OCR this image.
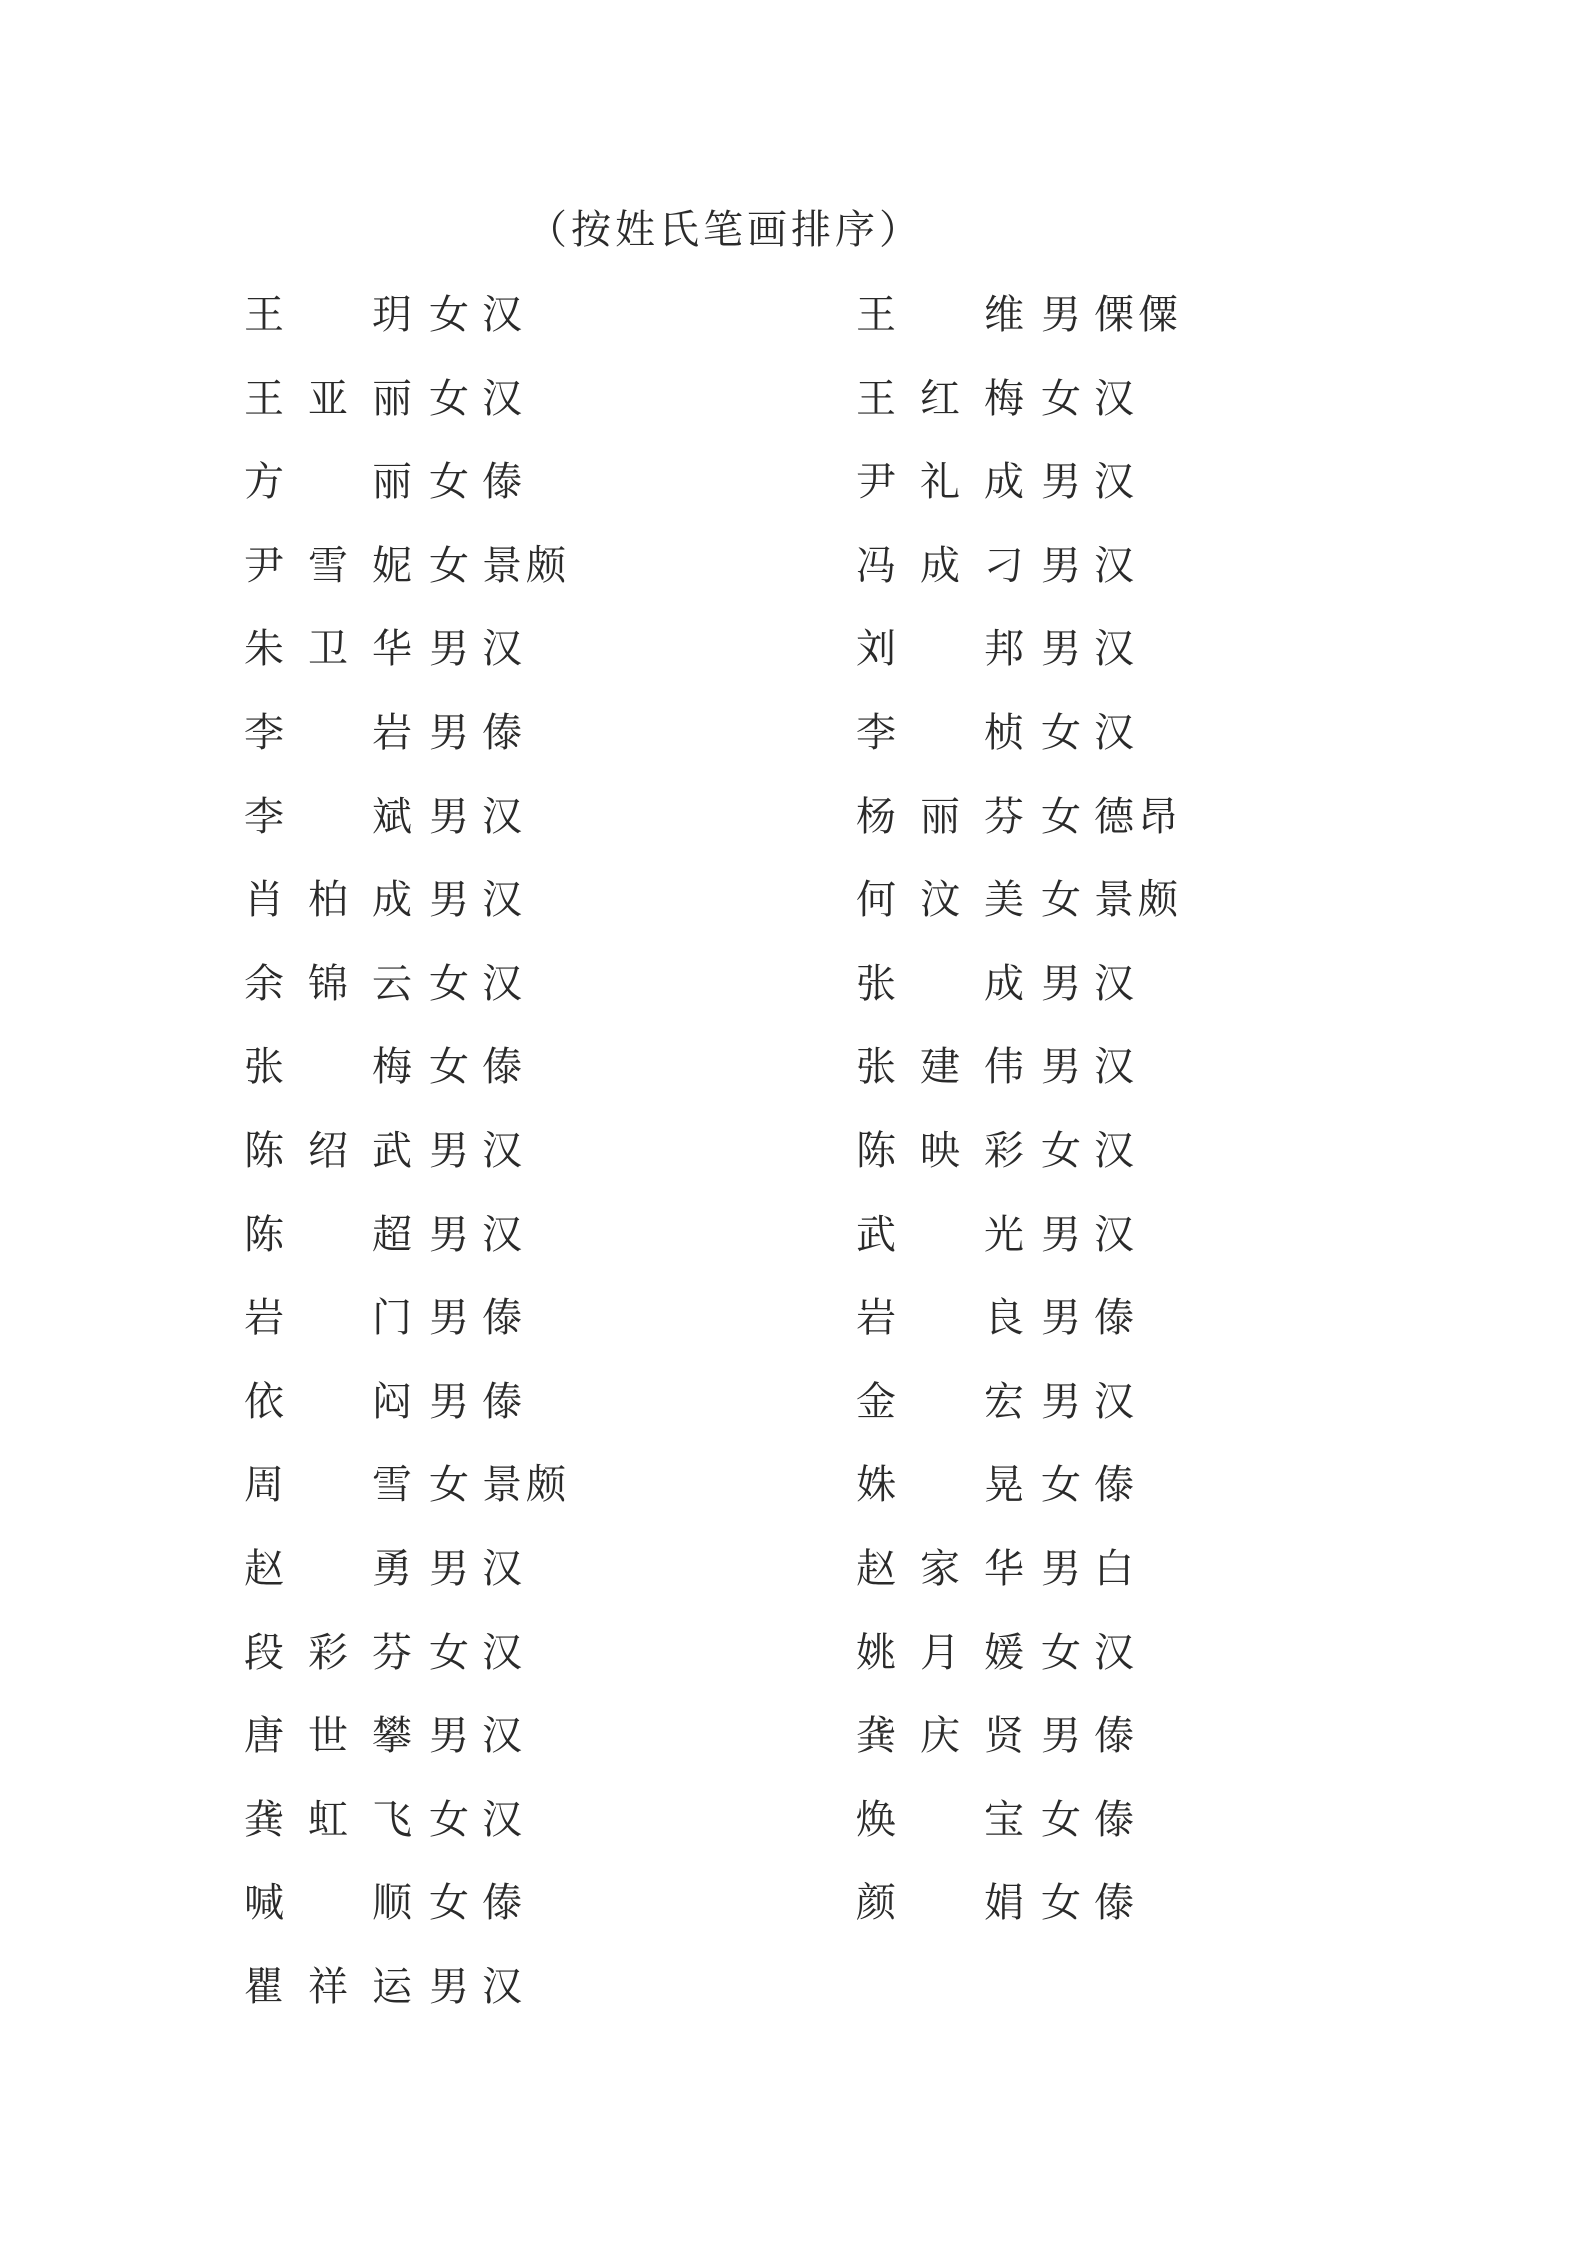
（按姓氏笔画排序）
王 玥 女 汉
王 亚 丽 女 汉
方 丽 女 傣
尹 雪 妮 女 景颇
朱 卫 华 男 汉
李 岩 男 傣
李 斌 男 汉
肖 柏 成 男 汉
余 锦 云 女 汉
张 梅 女 傣
陈 绍 武 男 汉
陈 超 男 汉
岩 门 男 傣
依 闷 男 傣
周 雪 女 景颇
赵 勇 男 汉
段 彩 芬 女 汉
唐 世 攀 男 汉
龚 虹 飞 女 汉
喊 顺 女 傣
瞿 祥 运 男 汉
王 维 男 傈僳
王 红 梅 女 汉
尹 礼 成 男 汉
冯 成 刁 男 汉
刘 邦 男 汉
李 桢 女 汉
杨 丽 芬 女 德昂
何 汶 美 女 景颇
张 成 男 汉
张 建 伟 男 汉
陈 映 彩 女 汉
武 光 男 汉
岩 良 男 傣
金 宏 男 汉
姝 晃 女 傣
赵 家 华 男 白
姚 月 媛 女 汉
龚 庆 贤 男 傣
焕 宝 女 傣
颜 娟 女 傣
